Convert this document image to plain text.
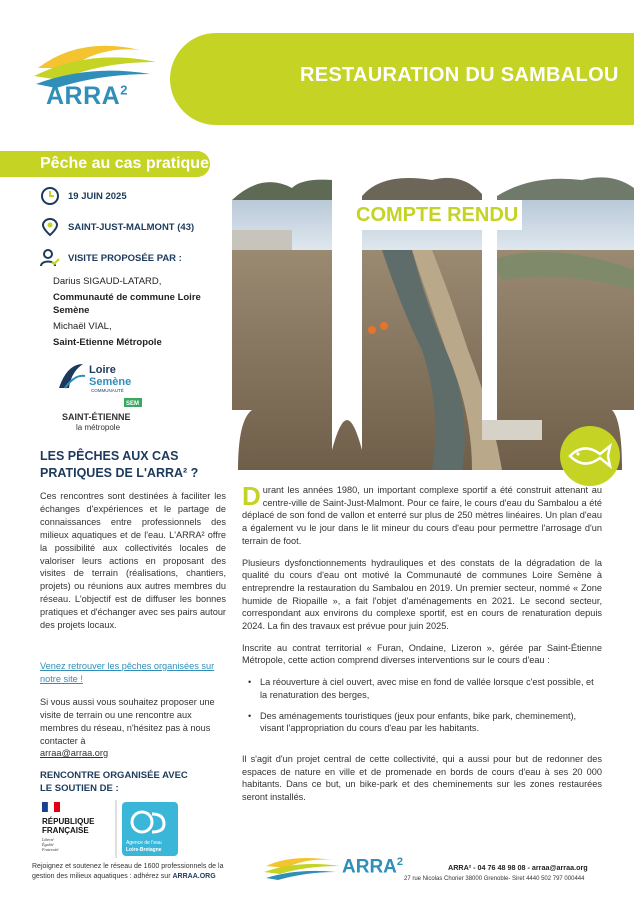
ARRA$^2$
RESTAURATION DU SAMBALOU
Pêche au cas pratique
19 JUIN 2025
SAINT-JUST-MALMONT (43)
VISITE PROPOSÉE PAR :
Darius SIGAUD-LATARD,
Communauté de commune Loire
Semène
Michaël VIAL,
Saint-Etienne Métropole
Loire
Semène
COMMUNAUTÉ
SEM
SAINT-ÉTIENNE
la métropole
LES PÊCHES AUX CAS
PRATIQUES DE L'ARRA² ?
Ces rencontres sont destinées à faciliter les échanges d'expériences et le partage de connaissances entre professionnels des milieux aquatiques et de l'eau. L'ARRA² offre la possibilité aux collectivités locales de valoriser leurs actions en proposant des visites de terrain (réalisations, chantiers, projets) ou réunions aux autres membres du réseau. L'objectif est de diffuser les bonnes pratiques et d'échanger avec ses pairs autour des projets locaux.
Venez retrouver les pêches organisées sur notre site !
Si vous aussi vous souhaitez proposer une visite de terrain ou une rencontre aux membres du réseau, n'hésitez pas à nous contacter à
arraa@arraa.org
RENCONTRE ORGANISÉE AVEC
LE SOUTIEN DE :
RÉPUBLIQUE
FRANÇAISE
Liberté
Égalité
Fraternité
Agence de l'eau
Loire-Bretagne
Rejoignez et soutenez le réseau de 1600 professionnels de la gestion des milieux aquatiques : adhérez sur ARRAA.ORG
COMPTE RENDU

Durant les années 1980, un important complexe sportif a été construit attenant au centre-ville de Saint-Just-Malmont. Pour ce faire, le cours d'eau du Sambalou a été déplacé de son fond de vallon et enterré sur plus de 250 mètres linéaires. Un plan d'eau a également vu le jour dans le lit mineur du cours d'eau pour permettre l'arrosage d'un terrain de foot.

Plusieurs dysfonctionnements hydrauliques et des constats de la dégradation de la qualité du cours d'eau ont motivé la Communauté de communes Loire Semène à entreprendre la restauration du Sambalou en 2019. Un premier secteur, nommé « Zone humide de Riopaille », a fait l'objet d'aménagements en 2021. Le second secteur, correspondant aux environs du complexe sportif, est en cours de renaturation depuis 2024. La fin des travaux est prévue pour juin 2025.

Inscrite au contrat territorial « Furan, Ondaine, Lizeron », gérée par Saint-Étienne Métropole, cette action comprend diverses interventions sur le cours d'eau :

• La réouverture à ciel ouvert, avec mise en fond de vallée lorsque c'est possible, et la renaturation des berges,
• Des aménagements touristiques (jeux pour enfants, bike park, cheminement), visant l'appropriation du cours d'eau par les habitants.

Il s'agit d'un projet central de cette collectivité, qui a aussi pour but de redonner des espaces de nature en ville et de promenade en bords de cours d'eau à ses 20 000 habitants. Dans ce but, un bike-park et des cheminements sur les zones restaurées seront installés.

ARRA$^2$	ARRA² - 04 76 48 98 08 - arraa@arraa.org
27 rue Nicolas Chorier 38000 Grenoble- Siret 4440 502 797 000444
